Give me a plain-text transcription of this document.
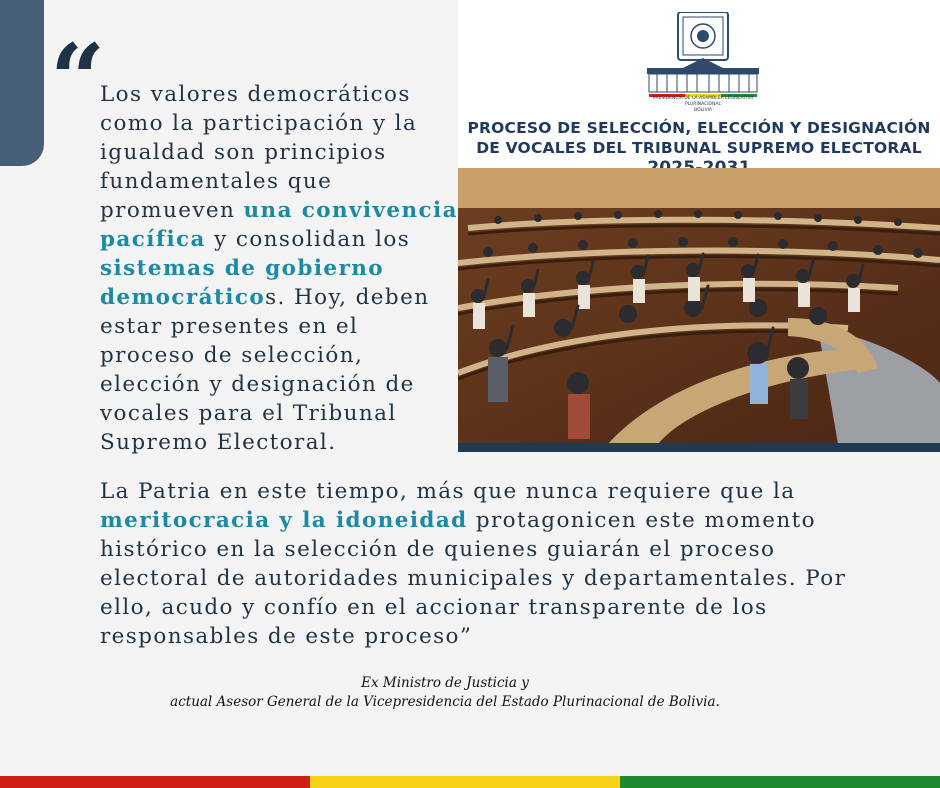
“

Los valores democráticos como la participación y la igualdad son principios fundamentales que promueven una convivencia pacífica y consolidan los sistemas de gobierno democráticos. Hoy, deben estar presentes en el proceso de selección, elección y designación de vocales para el Tribunal Supremo Electoral.

PRESIDENCIA DE LA ASAMBLEA LEGISLATIVA PLURINACIONAL
BOLIVIA
PROCESO DE SELECCIÓN, ELECCIÓN Y DESIGNACIÓN
DE VOCALES DEL TRIBUNAL SUPREMO ELECTORAL

La Patria en este tiempo, más que nunca requiere que la meritocracia y la idoneidad protagonicen este momento histórico en la selección de quienes guiarán el proceso electoral de autoridades municipales y departamentales. Por ello, acudo y confío en el accionar transparente de los responsables de este proceso”

Ex Ministro de Justicia y
actual Asesor General de la Vicepresidencia del Estado Plurinacional de Bolivia.
